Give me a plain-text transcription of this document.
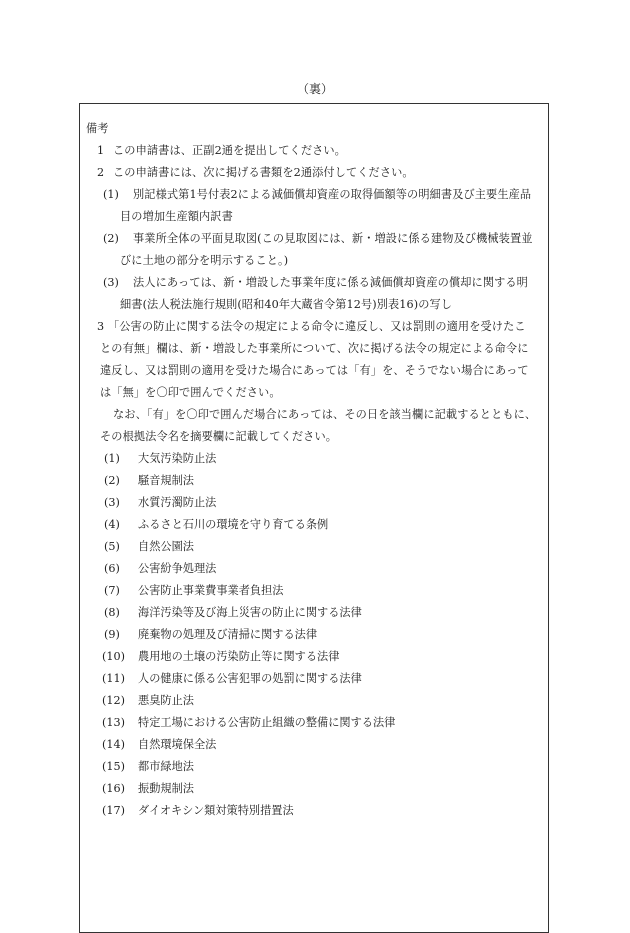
（裏）
備考
1 この申請書は、正副2通を提出してください。
2 この申請書には、次に掲げる書類を2通添付してください。
(1) 別記様式第1号付表2による減価償却資産の取得価額等の明細書及び主要生産品
目の増加生産額内訳書
(2) 事業所全体の平面見取図(この見取図には、新・増設に係る建物及び機械装置並
びに土地の部分を明示すること。)
(3) 法人にあっては、新・増設した事業年度に係る減価償却資産の償却に関する明
細書(法人税法施行規則(昭和40年大蔵省令第12号)別表16)の写し
3 「公害の防止に関する法令の規定による命令に違反し、又は罰則の適用を受けたこ
との有無」欄は、新・増設した事業所について、次に掲げる法令の規定による命令に
違反し、又は罰則の適用を受けた場合にあっては「有」を、そうでない場合にあって
は「無」を〇印で囲んでください。
なお、「有」を〇印で囲んだ場合にあっては、その日を該当欄に記載するとともに、
その根拠法令名を摘要欄に記載してください。
(1) 大気汚染防止法
(2) 騒音規制法
(3) 水質汚濁防止法
(4) ふるさと石川の環境を守り育てる条例
(5) 自然公園法
(6) 公害紛争処理法
(7) 公害防止事業費事業者負担法
(8) 海洋汚染等及び海上災害の防止に関する法律
(9) 廃棄物の処理及び清掃に関する法律
(10) 農用地の土壌の汚染防止等に関する法律
(11) 人の健康に係る公害犯罪の処罰に関する法律
(12) 悪臭防止法
(13) 特定工場における公害防止組織の整備に関する法律
(14) 自然環境保全法
(15) 都市緑地法
(16) 振動規制法
(17) ダイオキシン類対策特別措置法
